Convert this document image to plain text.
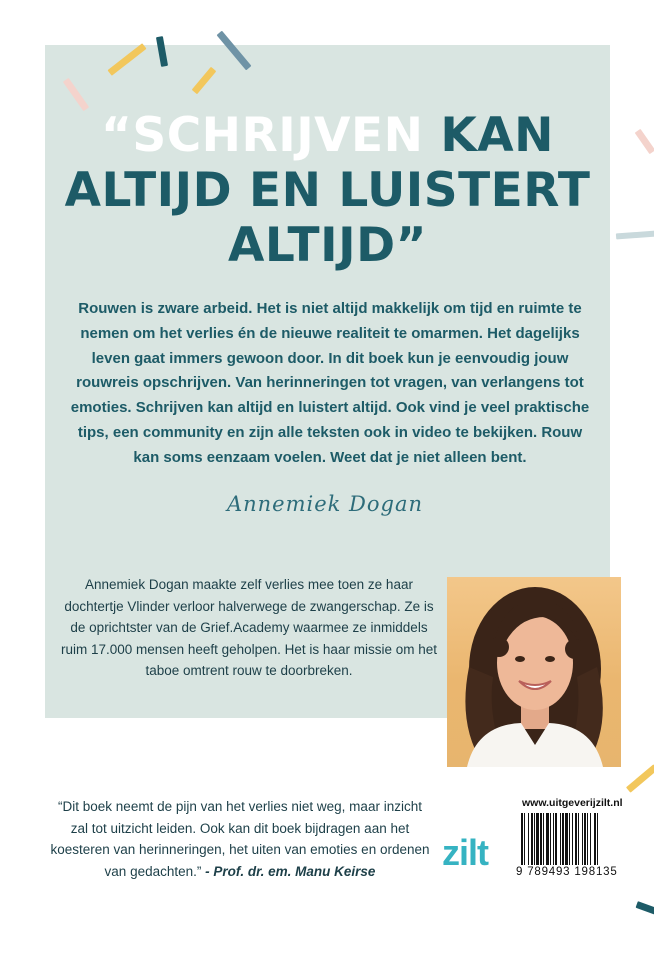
“SCHRIJVEN KAN ALTIJD EN LUISTERT ALTIJD”

Rouwen is zware arbeid. Het is niet altijd makkelijk om tijd en ruimte te nemen om het verlies én de nieuwe realiteit te omarmen. Het dagelijks leven gaat immers gewoon door. In dit boek kun je eenvoudig jouw rouwreis opschrijven. Van herinneringen tot vragen, van verlangens tot emoties. Schrijven kan altijd en luistert altijd. Ook vind je veel praktische tips, een community en zijn alle teksten ook in video te bekijken. Rouw kan soms eenzaam voelen. Weet dat je niet alleen bent.

Annemiek Dogan

Annemiek Dogan maakte zelf verlies mee toen ze haar dochtertje Vlinder verloor halverwege de zwangerschap. Ze is de oprichtster van de Grief.Academy waarmee ze inmiddels ruim 17.000 mensen heeft geholpen. Het is haar missie om het taboe omtrent rouw te doorbreken.

“Dit boek neemt de pijn van het verlies niet weg, maar inzicht zal tot uitzicht leiden. Ook kan dit boek bijdragen aan het koesteren van herinneringen, het uiten van emoties en ordenen van gedachten.” - Prof. dr. em. Manu Keirse	zilt
www.uitgeverijzilt.nl
9 789493 198135
